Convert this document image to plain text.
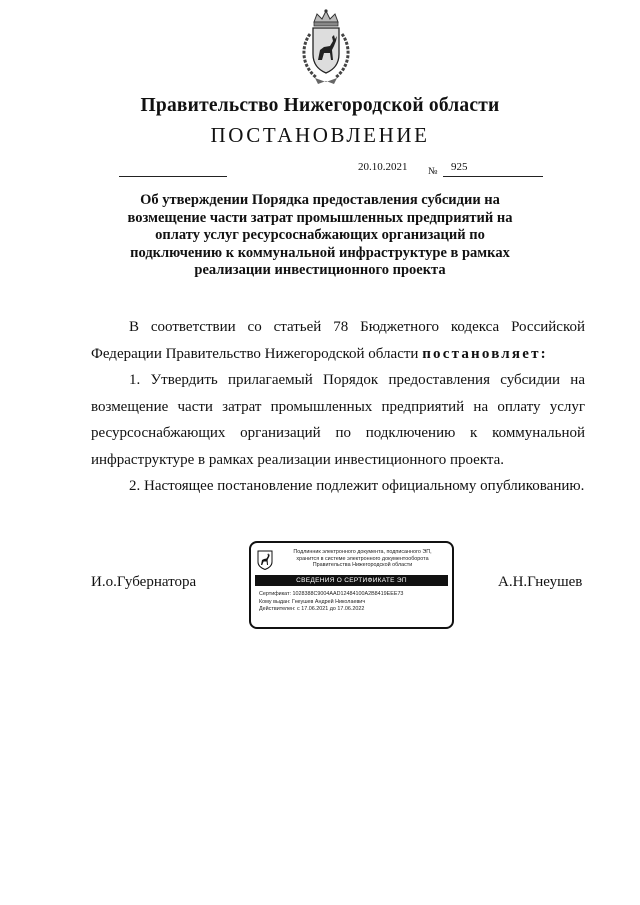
Правительство Нижегородской области
ПОСТАНОВЛЕНИЕ
20.10.2021 № 925
Об утверждении Порядка предоставления субсидии на возмещение части затрат промышленных предприятий на оплату услуг ресурсоснабжающих организаций по подключению к коммунальной инфраструктуре в рамках реализации инвестиционного проекта

В соответствии со статьей 78 Бюджетного кодекса Российской Федерации Правительство Нижегородской области постановляет:

1. Утвердить прилагаемый Порядок предоставления субсидии на возмещение части затрат промышленных предприятий на оплату услуг ресурсоснабжающих организаций по подключению к коммунальной инфраструктуре в рамках реализации инвестиционного проекта.

2. Настоящее постановление подлежит официальному опубликованию.

И.о.Губернатора	А.Н.Гнеушев
Подлинник электронного документа, подписанного ЭП,
хранится в системе электронного документооборота
Правительства Нижегородской области
СВЕДЕНИЯ О СЕРТИФИКАТЕ ЭП
Сертификат: 1028388C9004AAD12484100A2B8419EEE73
Кому выдан: Гнеушев Андрей Николаевич
Действителен: с 17.06.2021 до 17.06.2022
